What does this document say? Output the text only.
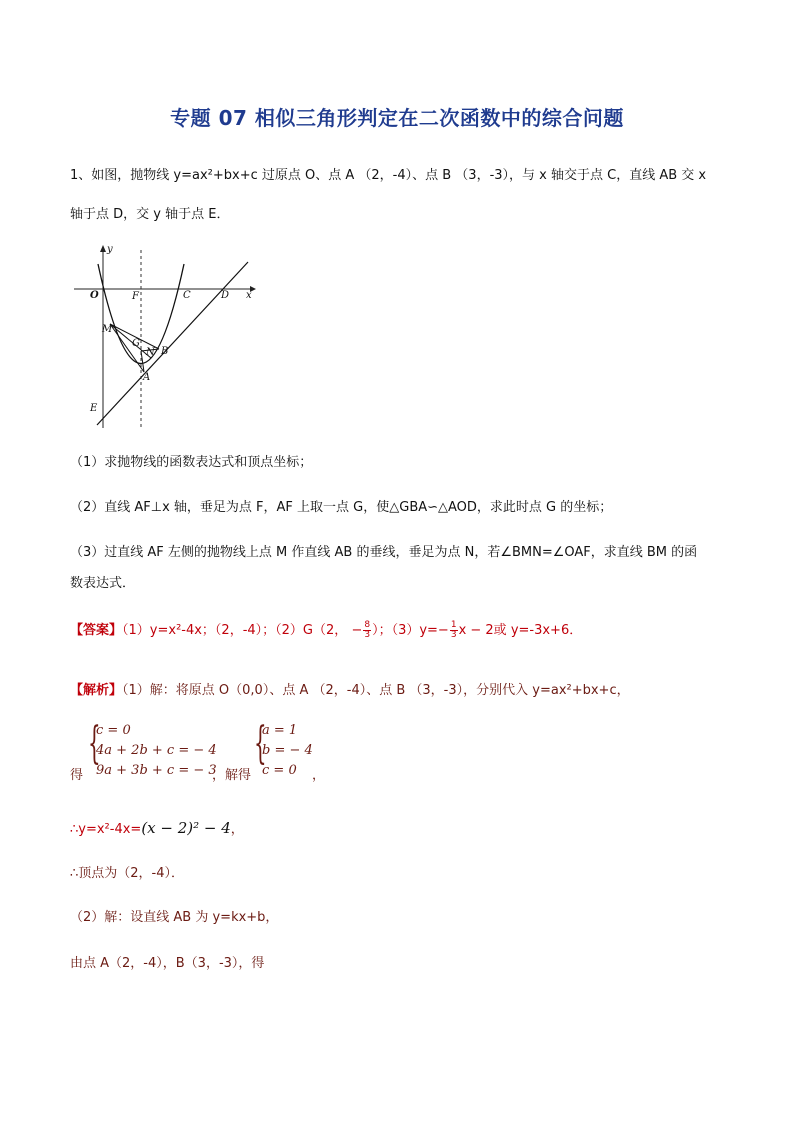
专题 07 相似三角形判定在二次函数中的综合问题
1、如图，抛物线 y=ax²+bx+c 过原点 O、点 A （2，-4）、点 B （3，-3），与 x 轴交于点 C，直线 AB 交 x
轴于点 D，交 y 轴于点 E．
y
x
O	F	C	D
M
G
N B
A
E
（1）求抛物线的函数表达式和顶点坐标；
（2）直线 AF⊥x 轴，垂足为点 F，AF 上取一点 G，使△GBA∽△AOD，求此时点 G 的坐标；
（3）过直线 AF 左侧的抛物线上点 M 作直线 AB 的垂线，垂足为点 N，若∠BMN=∠OAF，求直线 BM 的函
数表达式．
【答案】（1）y=x²-4x；（2，-4）；（2）G（2， − $\frac{8}{3}$ ）；$(3)y=- \frac{1}{3}$ x − 2或 y=-3x+6．
【解析】（1）解：将原点 O（0,0）、点 A （2，-4）、点 B （3，-3），分别代入 y=ax²+bx+c，
得
{
c = 0
4a + 2b + c = − 4
9a + 3b + c = − 3
，解得
{
a = 1
b = − 4
c = 0 ，
∴y=x²-4x=(x − 2)² − 4，
∴顶点为（2，-4）．
（2）解：设直线 AB 为 y=kx+b，
由点 A（2，-4），B（3，-3），得
